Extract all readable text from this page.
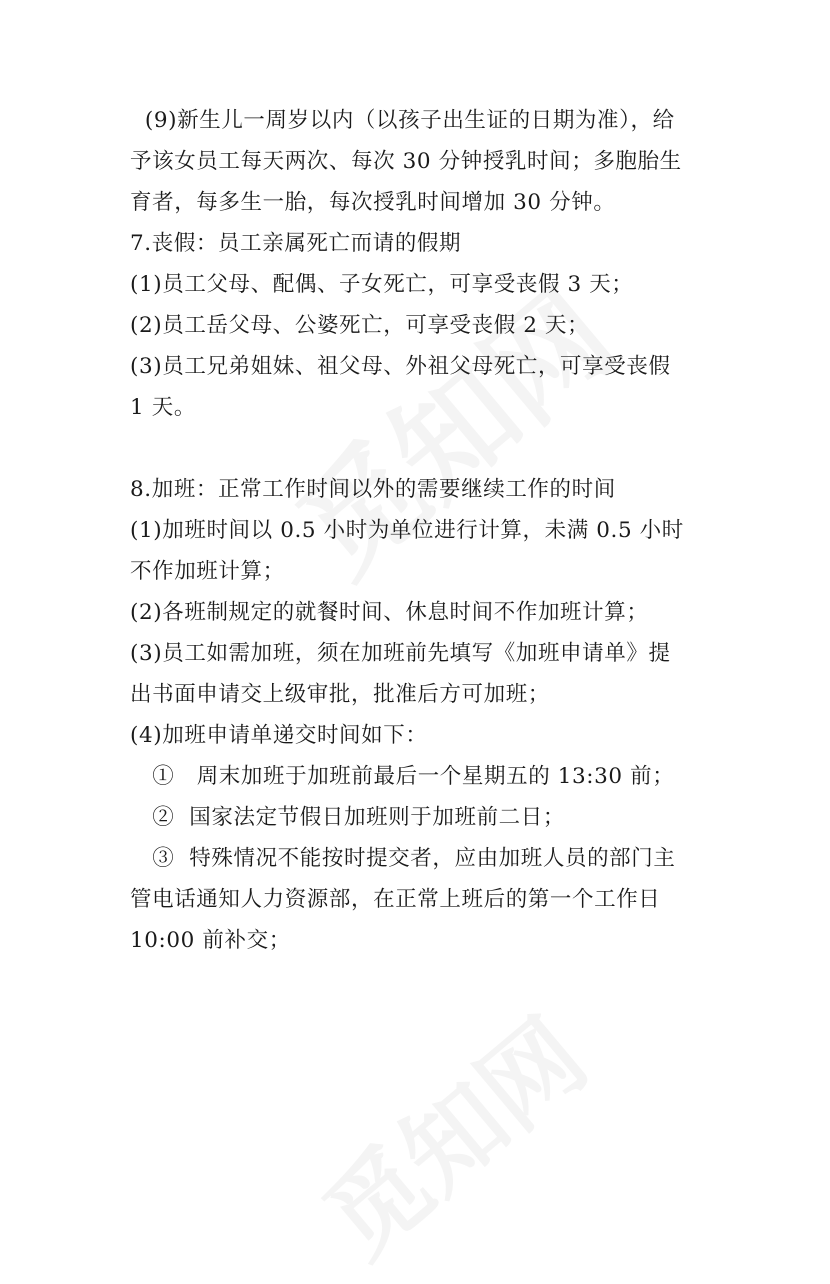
(9)新生儿一周岁以内（以孩子出生证的日期为准），给
予该女员工每天两次、每次 30 分钟授乳时间；多胞胎生
育者，每多生一胎，每次授乳时间增加 30 分钟。
7.丧假：员工亲属死亡而请的假期
(1)员工父母、配偶、子女死亡，可享受丧假 3 天；
(2)员工岳父母、公婆死亡，可享受丧假 2 天；
(3)员工兄弟姐妹、祖父母、外祖父母死亡，可享受丧假
1 天。
8.加班：正常工作时间以外的需要继续工作的时间
(1)加班时间以 0.5 小时为单位进行计算，未满 0.5 小时
不作加班计算；
(2)各班制规定的就餐时间、休息时间不作加班计算；
(3)员工如需加班，须在加班前先填写《加班申请单》提
出书面申请交上级审批，批准后方可加班；
(4)加班申请单递交时间如下：
①   周末加班于加班前最后一个星期五的 13:30 前；
②  国家法定节假日加班则于加班前二日；
③  特殊情况不能按时提交者，应由加班人员的部门主
管电话通知人力资源部，在正常上班后的第一个工作日
10:00 前补交；
